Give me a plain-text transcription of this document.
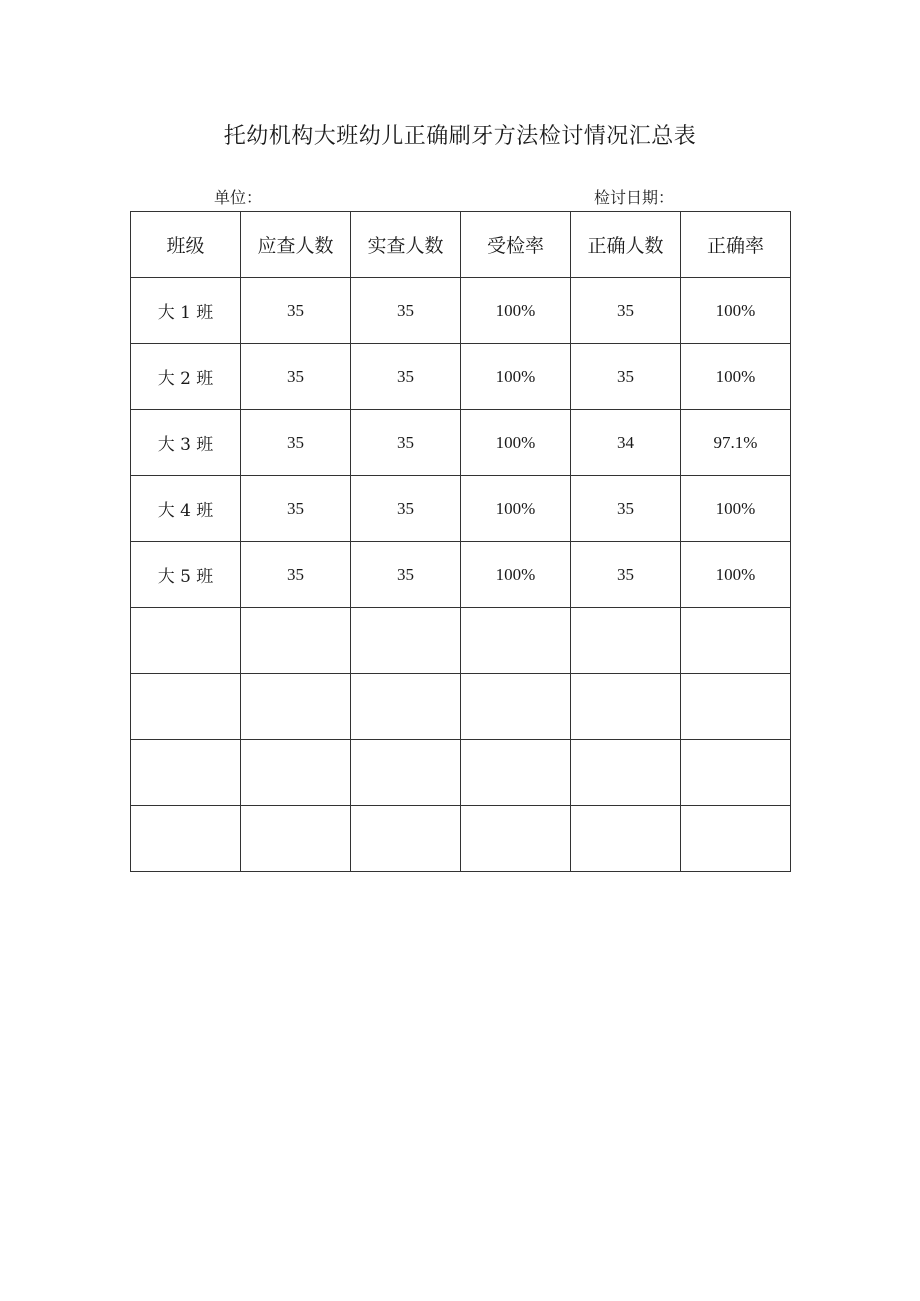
托幼机构大班幼儿正确刷牙方法检讨情况汇总表
单位：	检讨日期：
班级	应查人数	实查人数	受检率	正确人数	正确率
大 1 班	35	35	100%	35	100%
大 2 班	35	35	100%	35	100%
大 3 班	35	35	100%	34	97.1%
大 4 班	35	35	100%	35	100%
大 5 班	35	35	100%	35	100%
